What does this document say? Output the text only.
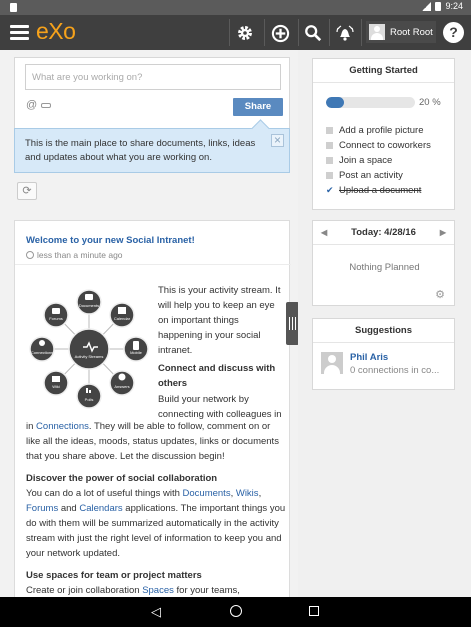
9:24
eXo	Root Root	?
What are you working on?
@	Share

This is the main place to share documents, links, ideas and updates about what you are working on.

×
⟳
Welcome to your new Social Intranet!
less than a minute ago
Activity Streams
Documents
Calendar
Mobile
Answers
Polls
Wiki
Connections
Forums
This is your activity stream. It will help you to keep an eye on important things happening in your social intranet.
Connect and discuss with others
Build your network by connecting with colleagues in
in Connections. They will be able to follow, comment on or like all the ideas, moods, status updates, links or documents that you share above. Let the discussion begin!
Discover the power of social collaboration
You can do a lot of useful things with Documents, Wikis, Forums and Calendars applications. The important things you do with them will be summarized automatically in the activity stream with just the right level of information to keep you and your network updated.
Use spaces for team or project matters
Create or join collaboration Spaces for your teams,
Getting Started
20 %
Add a profile picture
Connect to coworkers
Join a space
Post an activity
✔ Upload a document
◀	Today: 4/28/16	▶
Nothing Planned
⚙
Suggestions
Phil Aris
0 connections in co...
◁
